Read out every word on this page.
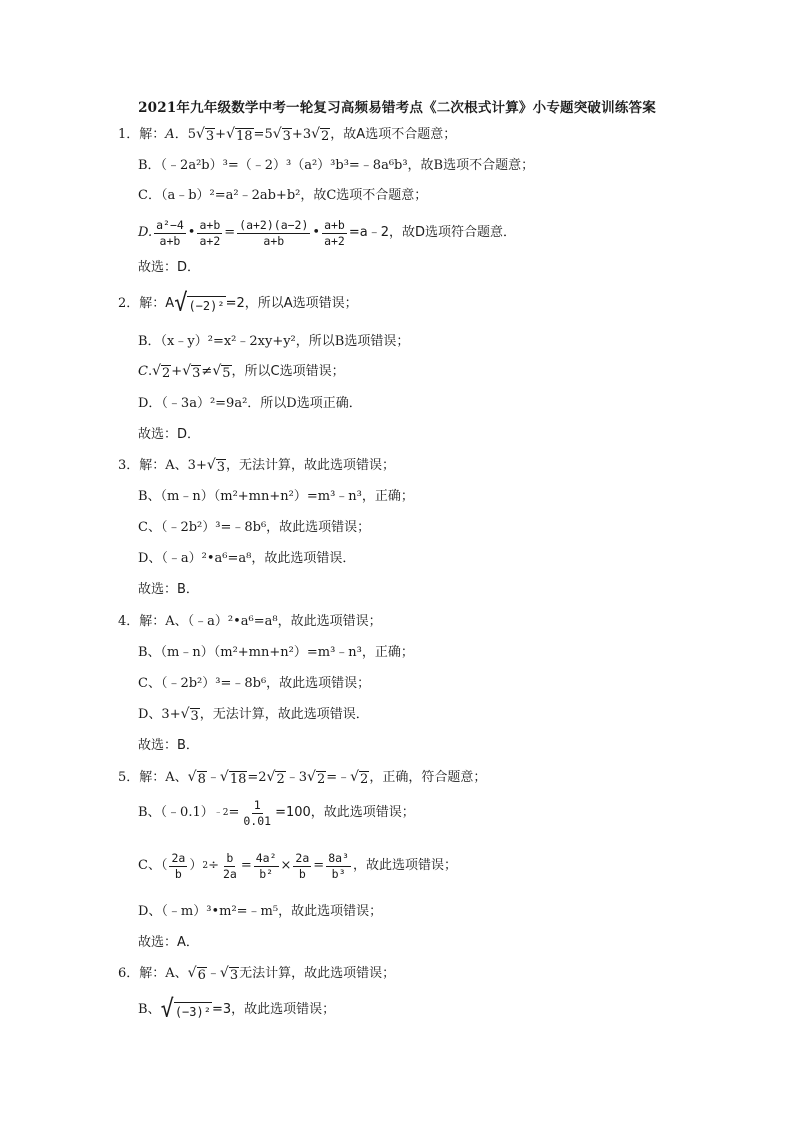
2021年九年级数学中考一轮复习高频易错考点《二次根式计算》小专题突破训练答案
1． 解： A ．5 √ 3 + √ 18 =5 √ 3 +3 √ 2 ，故A选项不合题意；
B．（﹣2a²b）³=（﹣2）³（a²）³b³=﹣8a⁶b³，故B选项不合题意；
C．（a﹣b）²=a²﹣2ab+b²，故C选项不合题意；
D. $\frac{\text{a²−4}}{a+b}$ • $\frac{a+b}{a+2} = \frac{(a+2)(a-2)}{a+b}$ • $\frac{a+b}{a+2}$ =a﹣2，故D选项符合题意．
故选：D．
2． 解：A √ (−2)² =2，所以A选项错误；
B．（x﹣y）²=x²﹣2xy+y²，所以B选项错误；
C . √ 2 + √ 3 ≠ √ 5 ，所以C选项错误；
D．（﹣3a）²=9a²．所以D选项正确．
故选：D．
3． 解：A、3+ √ 3 ，无法计算，故此选项错误；
B、（m﹣n）（m²+mn+n²）=m³﹣n³，正确；
C、（﹣2b²）³=﹣8b⁶，故此选项错误；
D、（﹣a）²•a⁶=a⁸，故此选项错误．
故选：B．
4． 解：A、（﹣a）²•a⁶=a⁸，故此选项错误；
B、（m﹣n）（m²+mn+n²）=m³﹣n³，正确；
C、（﹣2b²）³=﹣8b⁶，故此选项错误；
D、3+ √ 3 ，无法计算，故此选项错误．
故选：B．
5． 解：A、 √ 8 ﹣ √ 18 =2 √ 2 ﹣3 √ 2 =﹣ √ 2 ，正确，符合题意；
B、（﹣0.1） ﹣2 = $\frac{1}{0.01} =100$，故此选项错误；
C、（ $\frac{2a}{b}$ ） $2 \div \frac{b}{2a} = \frac{\text{4a²}}{\text{b²}} \times \frac{2a}{b} = \frac{\text{8a³}}{\text{b³}}$ ，故此选项错误；
D、（﹣m）³•m²=﹣m⁵，故此选项错误；
故选：A．
6． 解：A、 √ 6 ﹣ √ 3 无法计算，故此选项错误；
B、 √ (−3)² =3，故此选项错误；
